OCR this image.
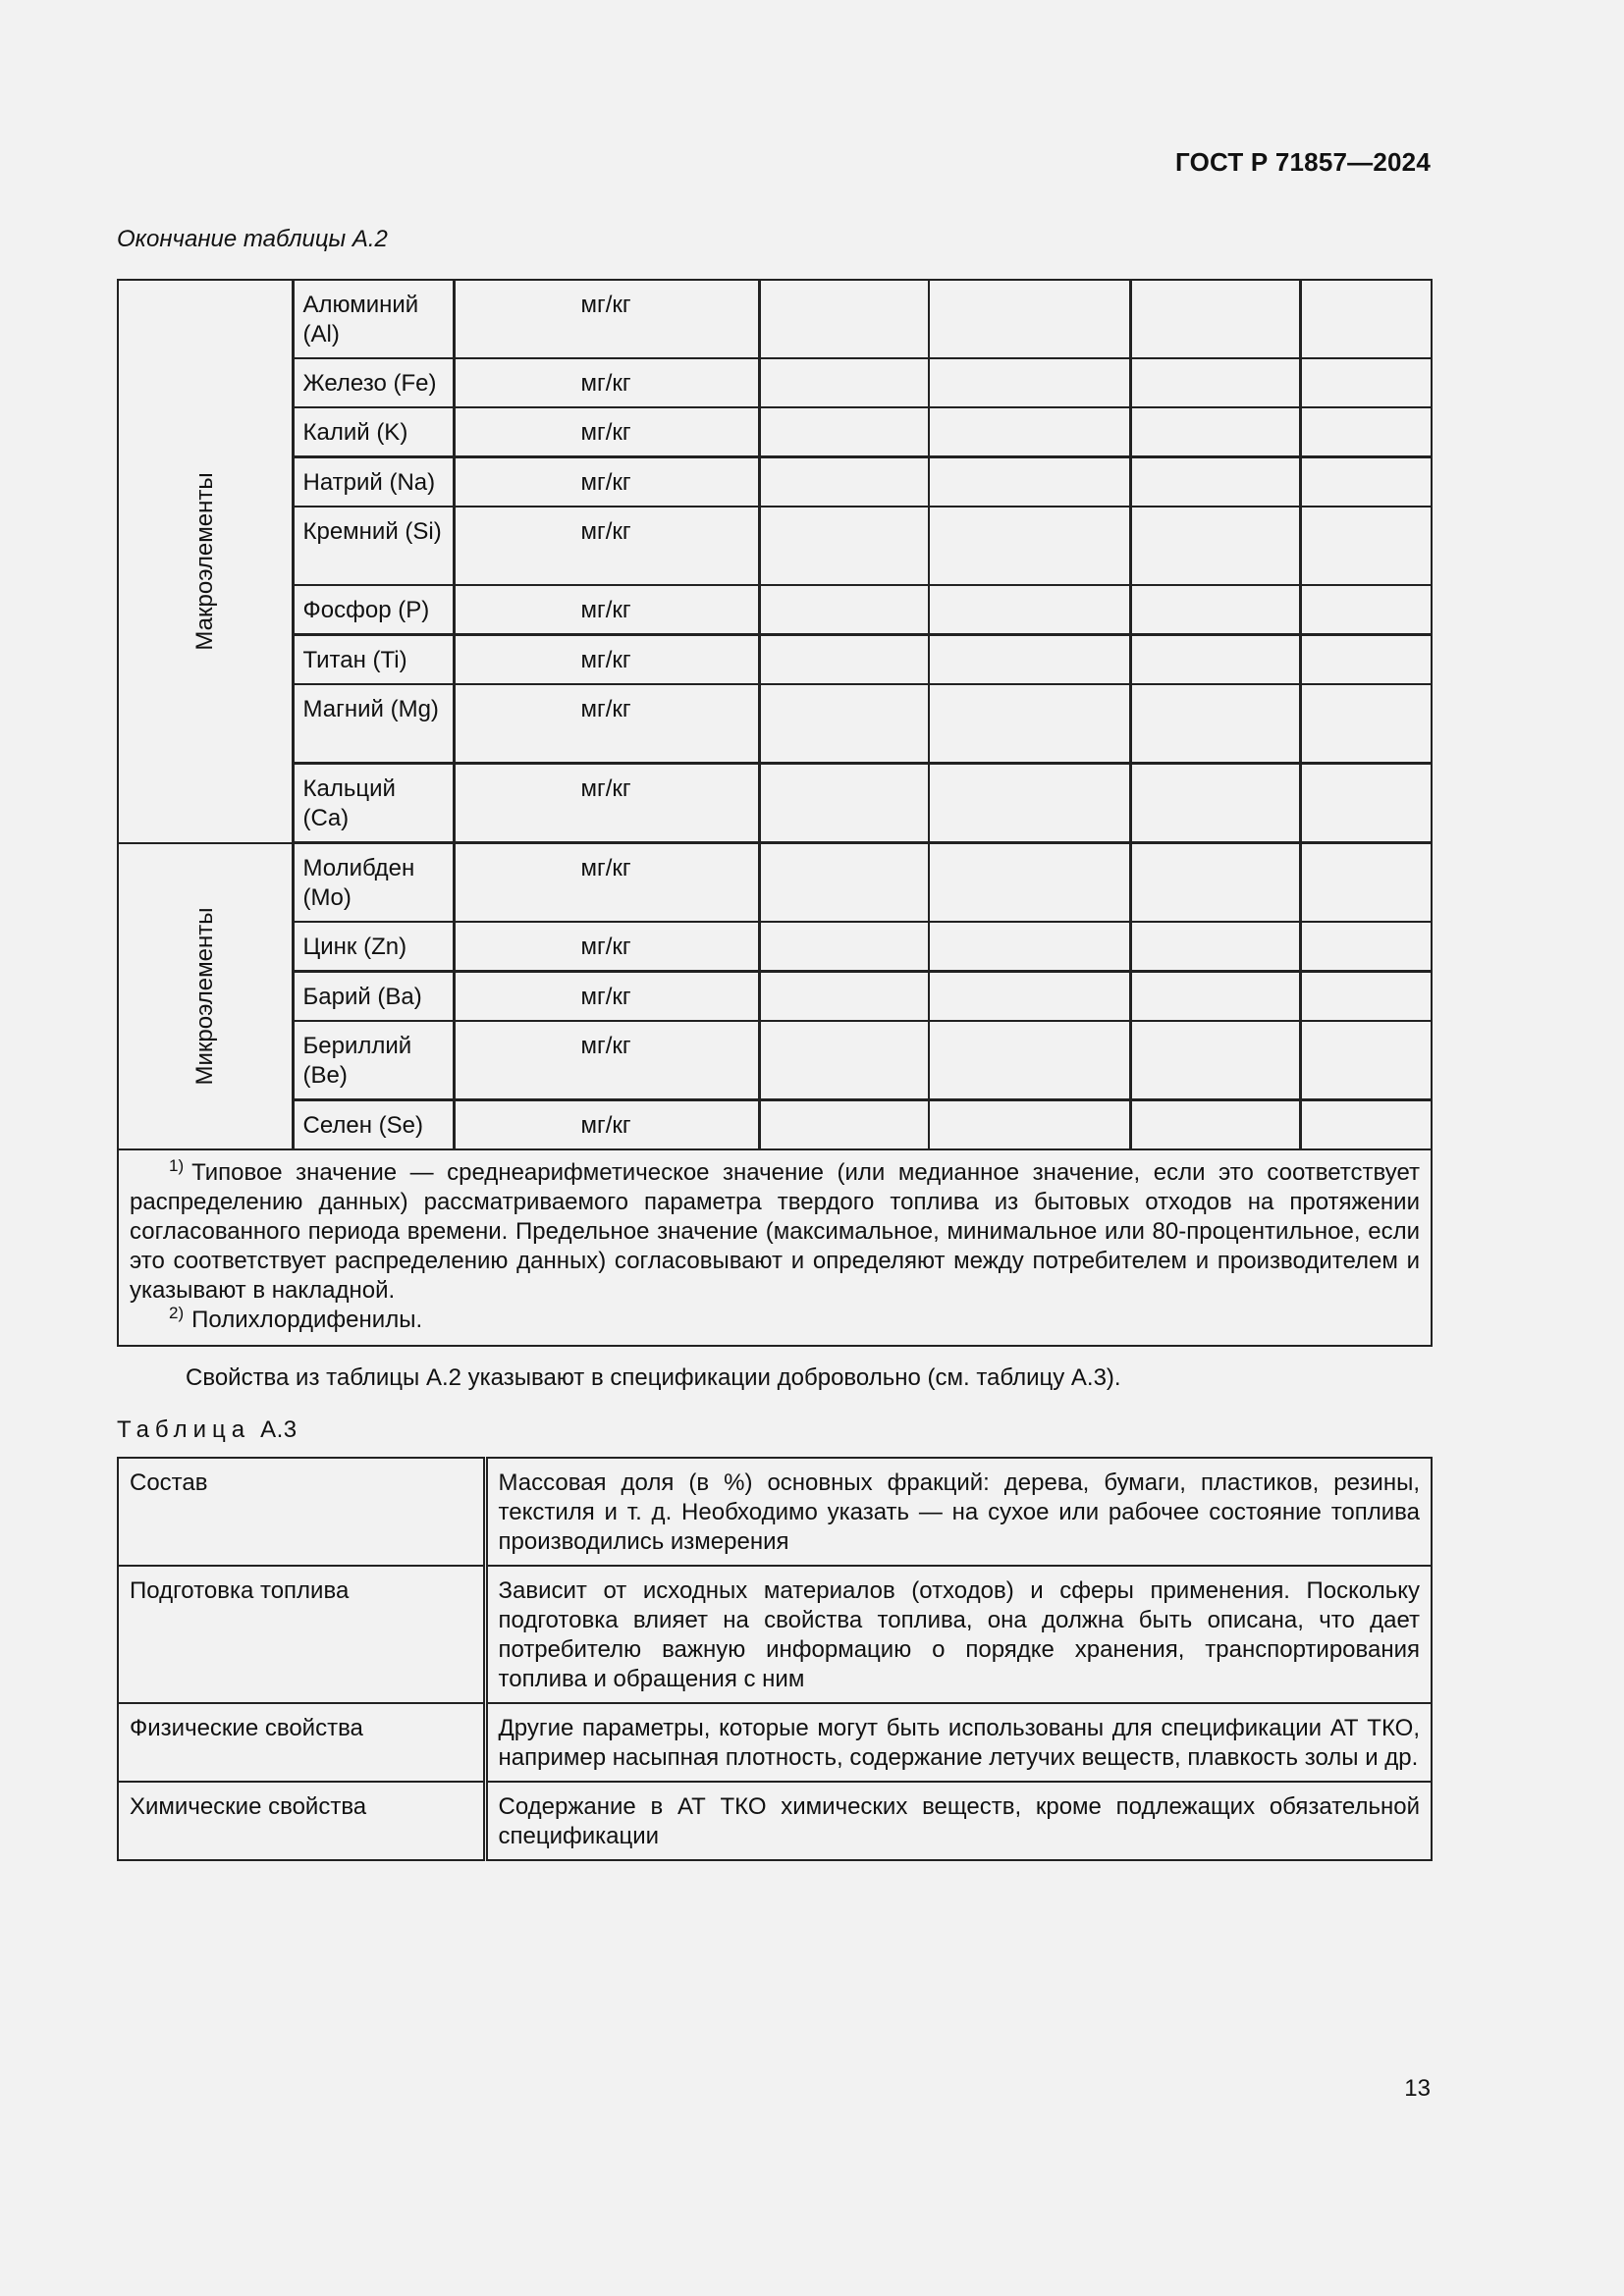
ГОСТ Р 71857—2024
Окончание таблицы А.2
Макроэлементы	Алюминий (Al)	мг/кг				
	Железо (Fe)	мг/кг				
	Калий (K)	мг/кг				
	Натрий (Na)	мг/кг				
	Кремний (Si)	мг/кг				
	Фосфор (P)	мг/кг				
	Титан (Ti)	мг/кг				
	Магний (Mg)	мг/кг				
	Кальций (Ca)	мг/кг				

Микроэлементы	Молибден (Mo)	мг/кг				
	Цинк (Zn)	мг/кг				
	Барий (Ba)	мг/кг				
	Бериллий (Be)	мг/кг				
	Селен (Se)	мг/кг				

$^{1)}$ Типовое значение — среднеарифметическое значение (или медианное значение, если это соответствует распределению данных) рассматриваемого параметра твердого топлива из бытовых отходов на протяжении согласованного периода времени. Предельное значение (максимальное, минимальное или 80-процентильное, если это соответствует распределению данных) согласовывают и определяют между потребителем и производителем и указывают в накладной.
$^{2)}$ Полихлордифенилы.						
Свойства из таблицы А.2 указывают в спецификации добровольно (см. таблицу А.3).
Таблица А.3
Состав	Массовая доля (в %) основных фракций: дерева, бумаги, пластиков, резины, текстиля и т. д. Необходимо указать — на сухое или рабочее состояние топлива производились измерения
Подготовка топлива	Зависит от исходных материалов (отходов) и сферы применения. Поскольку подготовка влияет на свойства топлива, она должна быть описана, что дает потребителю важную информацию о порядке хранения, транспортирования топлива и обращения с ним
Физические свойства	Другие параметры, которые могут быть использованы для спецификации АТ ТКО, например насыпная плотность, содержание летучих веществ, плавкость золы и др.
Химические свойства	Содержание в АТ ТКО химических веществ, кроме подлежащих обязательной спецификации
13
